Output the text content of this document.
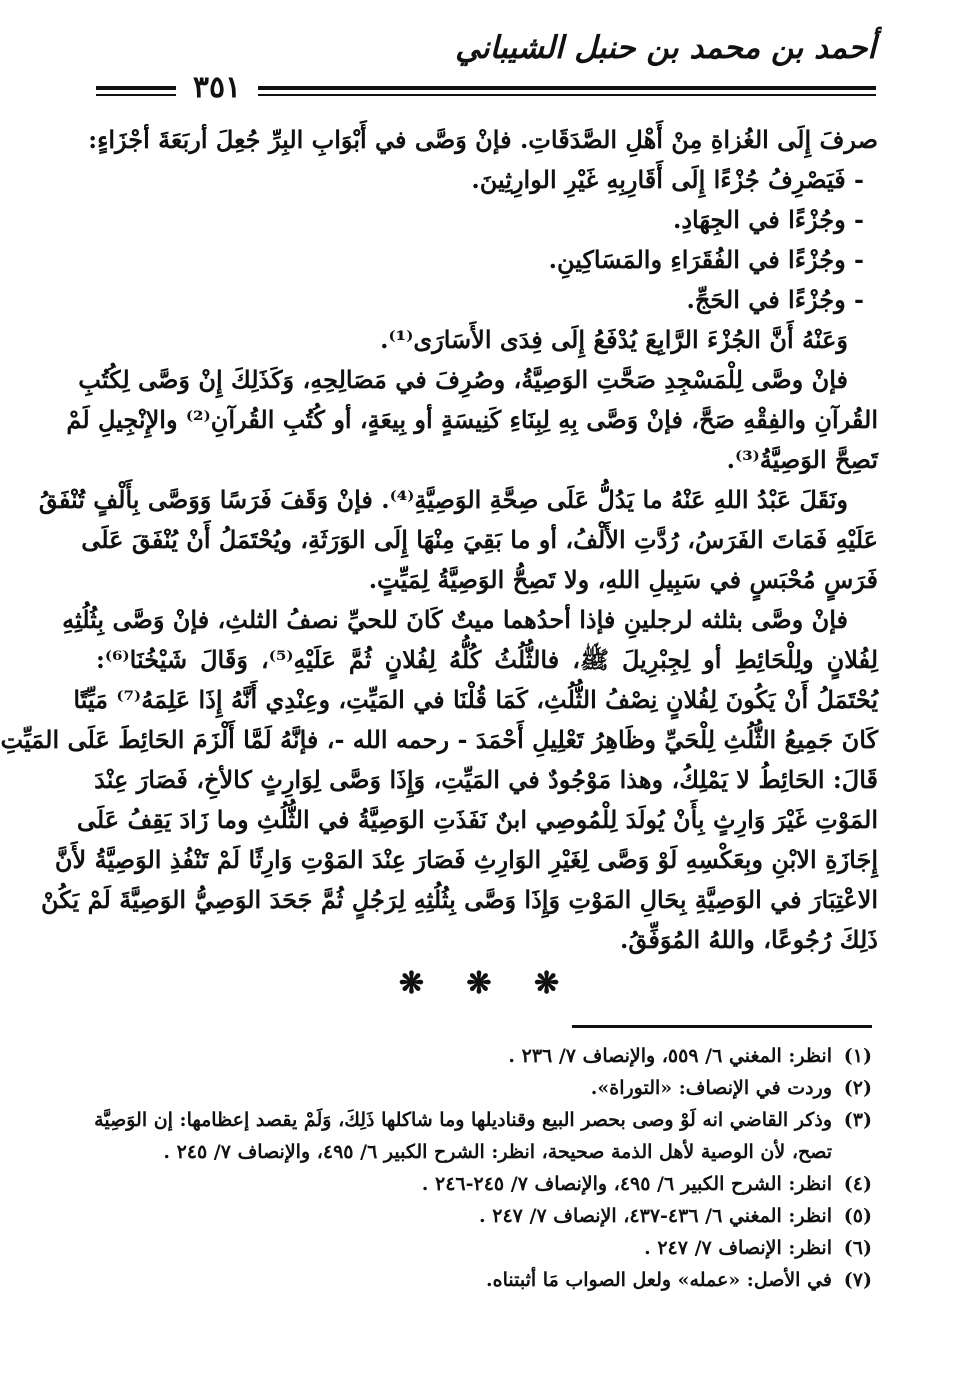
أحمد بن محمد بن حنبل الشيباني
٣٥١
صرفَ إِلَى الغُزاةِ مِنْ أَهْلِ الصَّدَقَاتِ. فإنْ وَصَّى في أَبْوَابِ البِرِّ جُعِلَ أربَعَةَ أجْزَاءٍ:
- فَيَصْرِفُ جُزْءًا إِلَى أَقَارِبِهِ غَيْرِ الوارِثِينَ.
- وجُزْءًا في الجِهَادِ.
- وجُزْءًا في الفُقَرَاءِ والمَسَاكِينِ.
- وجُزْءًا في الحَجِّ.
وَعَنْهُ أَنَّ الجُزْءَ الرَّابِعَ يُدْفَعُ إِلَى فِدَى الأَسَارَى⁽¹⁾.
فإنْ وصَّى لِلْمَسْجِدِ صَحَّتِ الوَصِيَّةُ، وصُرِفَ في مَصَالِحِهِ، وَكَذَلِكَ إِنْ وَصَّى لِكُتُبِ
القُرآنِ والفِقْهِ صَحَّ، فإنْ وَصَّى بِهِ لِبِنَاءِ كَنِيسَةٍ أو بِيعَةٍ، أو كُتُبِ القُرآنِ⁽²⁾ والإِنْجِيلِ لَمْ
تَصِحَّ الوَصِيَّةُ⁽³⁾.
ونَقَلَ عَبْدُ اللهِ عَنْهُ ما يَدُلُّ عَلَى صِحَّةِ الوَصِيَّةِ⁽⁴⁾. فإنْ وَقَفَ فَرَسًا وَوَصَّى بِأَلْفٍ تُنْفَقُ
عَلَيْهِ فَمَاتَ الفَرَسُ، رُدَّتِ الأَلْفُ، أو ما بَقِيَ مِنْهَا إِلَى الوَرَثَةِ، ويُحْتَمَلُ أَنْ يُنْفَقَ عَلَى
فَرَسٍ مُحْبَسٍ في سَبِيلِ اللهِ، ولا تَصِحُّ الوَصِيَّةُ لِمَيِّتٍ.
فإنْ وصَّى بثلثه لرجلينِ فإذا أحدُهما ميتٌ كَانَ للحيِّ نصفُ الثلثِ، فإنْ وَصَّى بِثُلُثِهِ
لِفُلانٍ ولِلْحَائِطِ أو لِجِبْرِيلَ ﷺ، فالثُّلُثُ كُلُّهُ لِفُلانٍ ثُمَّ عَلَيْهِ⁽⁵⁾، وَقَالَ شَيْخُنَا⁽⁶⁾:
يُحْتَمَلُ أَنْ يَكُونَ لِفُلانٍ نِصْفُ الثُّلُثِ، كَمَا قُلْنَا في المَيِّتِ، وعِنْدِي أَنَّهُ إِذَا عَلِمَهُ⁽⁷⁾ مَيِّتًا
كَانَ جَمِيعُ الثُّلُثِ لِلْحَيِّ وظَاهِرُ تَعْلِيلِ أَحْمَدَ - رحمه الله -، فإنَّهُ لَمَّا أَلْزَمَ الحَائِطَ عَلَى المَيِّتِ
قَالَ: الحَائِطُ لا يَمْلِكُ، وهذا مَوْجُودٌ في المَيِّتِ، وَإِذَا وَصَّى لِوَارِثٍ كالأخِ، فَصَارَ عِنْدَ
المَوْتِ غَيْرَ وَارِثٍ بِأَنْ يُولَدَ لِلْمُوصِي ابنٌ نَفَذَتِ الوَصِيَّةُ في الثُّلُثِ وما زَادَ يَقِفُ عَلَى
إِجَازَةِ الابْنِ وبِعَكْسِهِ لَوْ وَصَّى لِغَيْرِ الوَارِثِ فَصَارَ عِنْدَ المَوْتِ وَارِثًا لَمْ تَنْفُذِ الوَصِيَّةُ لأَنَّ
الاعْتِبَارَ في الوَصِيَّةِ بِحَالِ المَوْتِ وَإِذَا وَصَّى بِثُلُثِهِ لِرَجُلٍ ثُمَّ جَحَدَ الوَصِيُّ الوَصِيَّةَ لَمْ يَكُنْ
ذَلِكَ رُجُوعًا، واللهُ المُوَفِّقُ.
❋ ❋ ❋
(١)انظر: المغني ٦/ ٥٥٩، والإنصاف ٧/ ٢٣٦ .
(٢)وردت في الإنصاف: «التوراة».
(٣)وذكر القاضي انه لَوْ وصى بحصر البيع وقناديلها وما شاكلها ذَلِكَ، وَلَمْ يقصد إعظامها: إن الوَصِيَّة
تصح، لأن الوصية لأهل الذمة صحيحة، انظر: الشرح الكبير ٦/ ٤٩٥، والإنصاف ٧/ ٢٤٥ .
(٤)انظر: الشرح الكبير ٦/ ٤٩٥، والإنصاف ٧/ ٢٤٥-٢٤٦ .
(٥)انظر: المغني ٦/ ٤٣٦-٤٣٧، الإنصاف ٧/ ٢٤٧ .
(٦)انظر: الإنصاف ٧/ ٢٤٧ .
(٧)في الأصل: «عمله» ولعل الصواب مَا أثبتناه.
